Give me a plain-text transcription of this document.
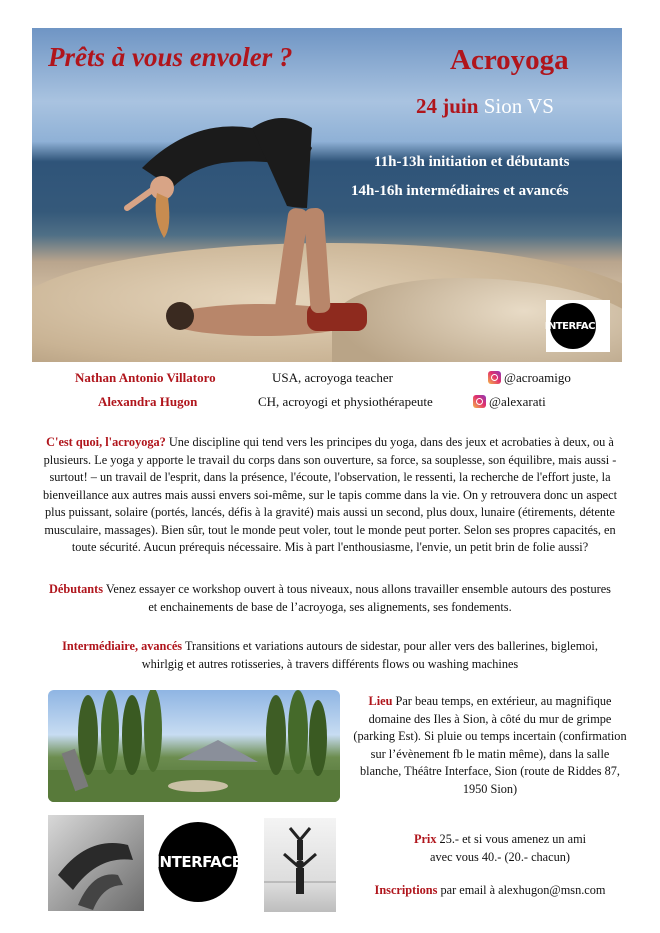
Prêts à vous envoler ?	Acroyoga
24 juin Sion VS
11h-13h initiation et débutants
14h-16h intermédiaires et avancés
INTERFACE
Nathan Antonio Villatoro	USA, acroyoga teacher	@acroamigo
Alexandra Hugon	CH, acroyogi et physiothérapeute	@alexarati
C'est quoi, l'acroyoga? Une discipline qui tend vers les principes du yoga, dans des jeux et acrobaties à deux, ou à plusieurs. Le yoga y apporte le travail du corps dans son ouverture, sa force, sa souplesse, son équilibre, mais aussi - surtout! – un travail de l'esprit, dans la présence, l'écoute, l'observation, le ressenti, la recherche de l'effort juste, la bienveillance aux autres mais aussi envers soi-même, sur le tapis comme dans la vie. On y retrouvera donc un aspect plus puissant, solaire (portés, lancés, défis à la gravité) mais aussi un second, plus doux, lunaire (étirements, détente musculaire, massages). Bien sûr, tout le monde peut voler, tout le monde peut porter. Selon ses propres capacités, en toute sécurité. Aucun prérequis nécessaire. Mis à part l'enthousiasme, l'envie, un petit brin de folie aussi?
Débutants Venez essayer ce workshop ouvert à tous niveaux, nous allons travailler ensemble autours des postures et enchainements de base de l’acroyoga, ses alignements, ses fondements.
Intermédiaire, avancés Transitions et variations autours de sidestar, pour aller vers des ballerines, biglemoi, whirlgig et autres rotisseries, à travers différents flows ou washing machines
Lieu Par beau temps, en extérieur, au magnifique domaine des Iles à Sion, à côté du mur de grimpe (parking Est). Si pluie ou temps incertain (confirmation sur l’évènement fb le matin même), dans la salle blanche, Théâtre Interface, Sion (route de Riddes 87, 1950 Sion)
INTERFACE
Prix 25.- et si vous amenez un ami
avec vous 40.- (20.- chacun)
Inscriptions par email à alexhugon@msn.com
